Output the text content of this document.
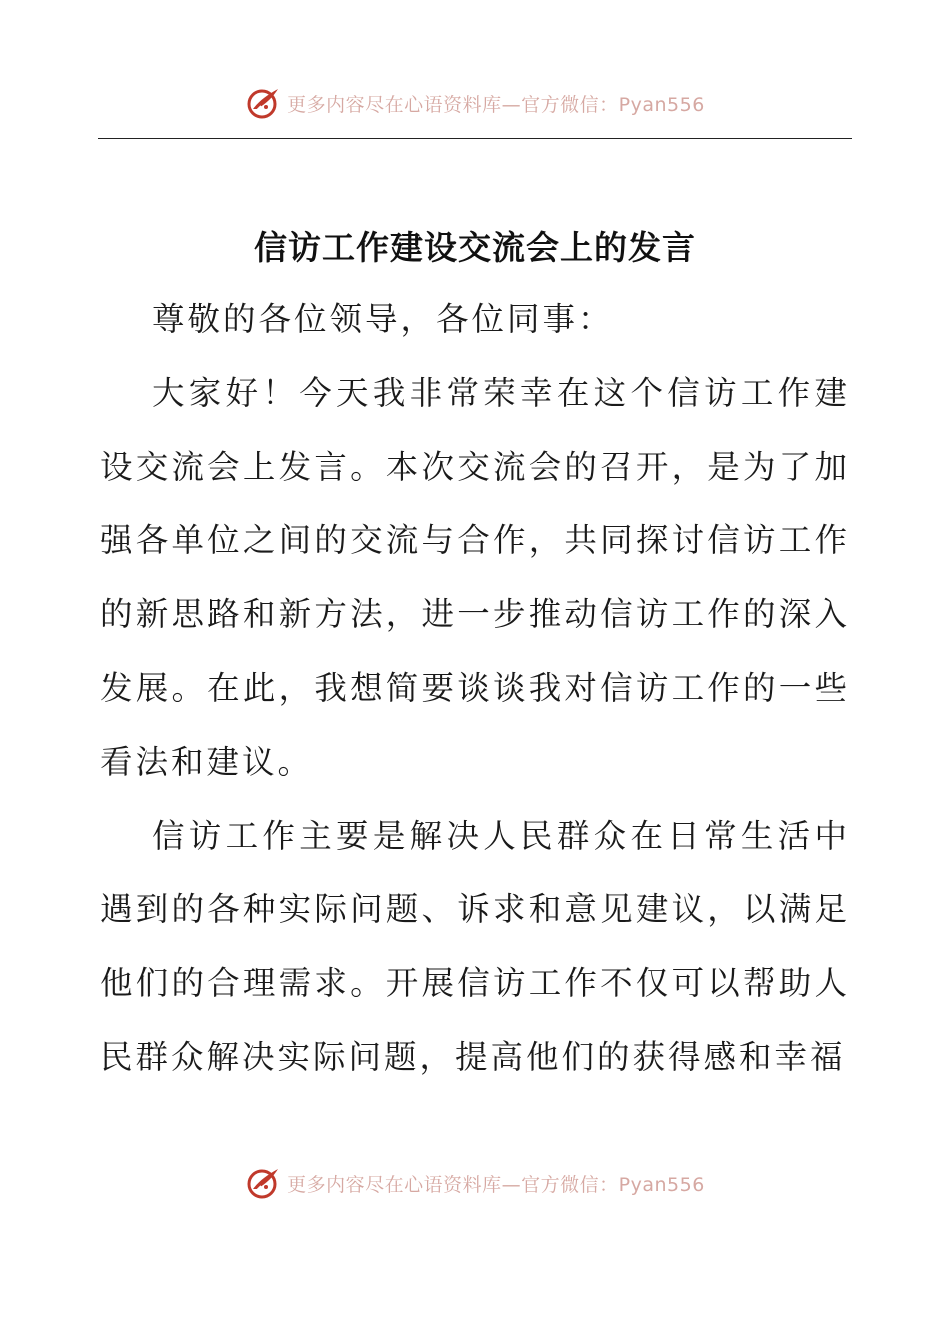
更多内容尽在心语资料库—官方微信：Pyan556
信访工作建设交流会上的发言

尊敬的各位领导，各位同事：

大家好！今天我非常荣幸在这个信访工作建设交流会上发言。本次交流会的召开，是为了加强各单位之间的交流与合作，共同探讨信访工作的新思路和新方法，进一步推动信访工作的深入发展。在此，我想简要谈谈我对信访工作的一些看法和建议。

信访工作主要是解决人民群众在日常生活中遇到的各种实际问题、诉求和意见建议，以满足他们的合理需求。开展信访工作不仅可以帮助人民群众解决实际问题，提高他们的获得感和幸福

更多内容尽在心语资料库—官方微信：Pyan556
